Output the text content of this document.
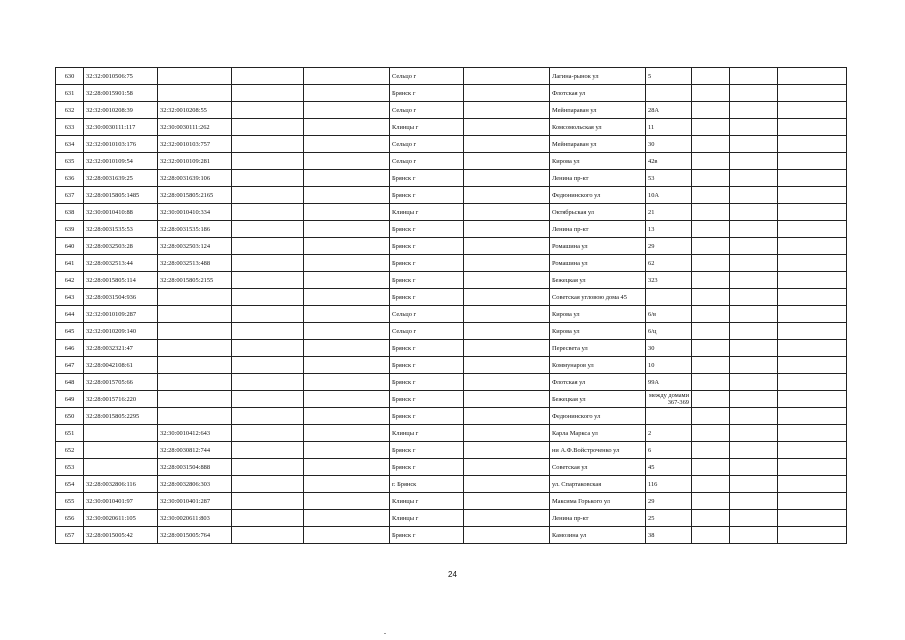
630	32:32:0010506:75				Сельцо г		Лагина-рынок ул	5			
631	32:28:0015901:58				Брянск г		Флотская ул				
632	32:32:0010208:39	32:32:0010208:55			Сельцо г		Мейнпараван ул	28А			
633	32:30:0030111:117	32:30:0030111:262			Клинцы г		Комсомольская ул	11			
634	32:32:0010103:176	32:32:0010103:757			Сельцо г		Мейнпараван ул	30			
635	32:32:0010109:54	32:32:0010109:281			Сельцо г		Кирова ул	42в			
636	32:28:0031639:25	32:28:0031639:106			Брянск г		Ленина пр-кт	53			
637	32:28:0015805:1485	32:28:0015805:2165			Брянск г		Федюнинского ул	10А			
638	32:30:0010410:88	32:30:0010410:334			Клинцы г		Октябрьская ул	21			
639	32:28:0031535:53	32:28:0031535:186			Брянск г		Ленина пр-кт	13			
640	32:28:0032503:28	32:28:0032503:124			Брянск г		Ромашина ул	29			
641	32:28:0032513:44	32:28:0032513:488			Брянск г		Ромашина ул	62			
642	32:28:0015805:114	32:28:0015805:2155			Брянск г		Бежецкая ул	323			
643	32:28:0031504:936				Брянск г		Советская угловою дома 45				
644	32:32:0010109:287				Сельцо г		Кирова ул	6/в			
645	32:32:0010209:140				Сельцо г		Кирова ул	6/ц			
646	32:28:0032321:47				Брянск г		Пересвета ул	30			
647	32:28:0042108:61				Брянск г		Коммунаров ул	10			
648	32:28:0015705:66				Брянск г		Флотская ул	99А			
649	32:28:0015716:220				Брянск г		Бежецкая ул	между домами 367-369			
650	32:28:0015805:2295				Брянск г		Федюнинского ул				
651		32:30:0010412:643			Клинцы г		Карла Маркса ул	2			
652		32:28:0030812:744			Брянск г		ни А.Ф.Войстроченко ул	6			
653		32:28:0031504:888			Брянск г		Советская ул	45			
654	32:28:0032806:116	32:28:0032806:303			г. Брянск		ул. Спартаковская	116			
655	32:30:0010401:97	32:30:0010401:287			Клинцы г		Максима Горького ул	29			
656	32:30:0020611:105	32:30:0020611:803			Клинцы г		Ленина пр-кт	25			
657	32:28:0015005:42	32:28:0015005:764			Брянск г		Камозина ул	38			
24
